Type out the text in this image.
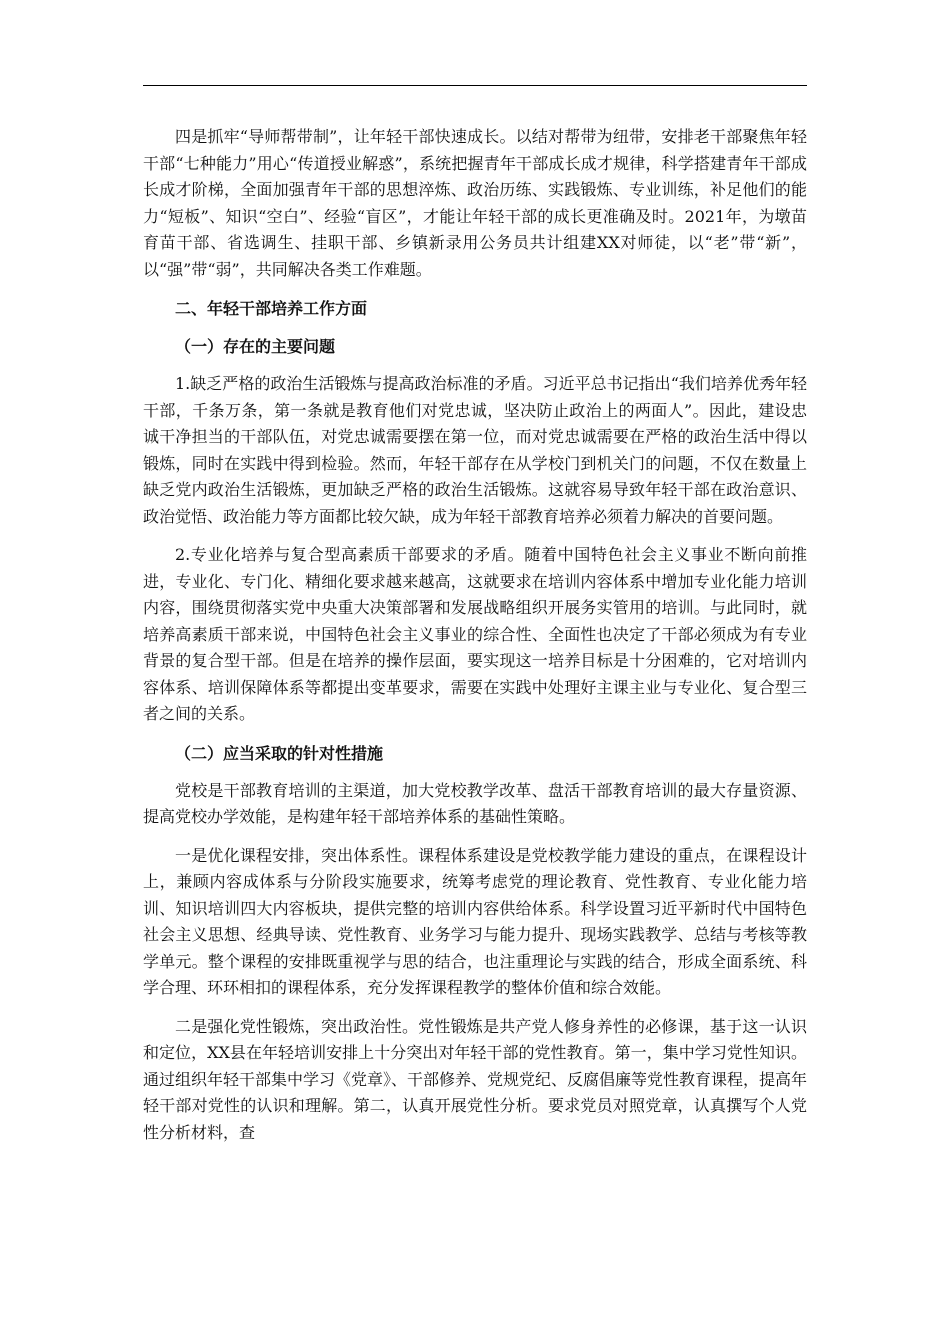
四是抓牢“导师帮带制”，让年轻干部快速成长。以结对帮带为纽带，安排老干部聚焦年轻干部“七种能力”用心“传道授业解惑”，系统把握青年干部成长成才规律，科学搭建青年干部成长成才阶梯，全面加强青年干部的思想淬炼、政治历练、实践锻炼、专业训练，补足他们的能力“短板”、知识“空白”、经验“盲区”，才能让年轻干部的成长更准确及时。2021年，为墩苗育苗干部、省选调生、挂职干部、乡镇新录用公务员共计组建XX对师徒，以“老”带“新”，以“强”带“弱”，共同解决各类工作难题。

二、年轻干部培养工作方面
（一）存在的主要问题

1.缺乏严格的政治生活锻炼与提高政治标准的矛盾。习近平总书记指出“我们培养优秀年轻干部，千条万条，第一条就是教育他们对党忠诚，坚决防止政治上的两面人”。因此，建设忠诚干净担当的干部队伍，对党忠诚需要摆在第一位，而对党忠诚需要在严格的政治生活中得以锻炼，同时在实践中得到检验。然而，年轻干部存在从学校门到机关门的问题，不仅在数量上缺乏党内政治生活锻炼，更加缺乏严格的政治生活锻炼。这就容易导致年轻干部在政治意识、政治觉悟、政治能力等方面都比较欠缺，成为年轻干部教育培养必须着力解决的首要问题。

2.专业化培养与复合型高素质干部要求的矛盾。随着中国特色社会主义事业不断向前推进，专业化、专门化、精细化要求越来越高，这就要求在培训内容体系中增加专业化能力培训内容，围绕贯彻落实党中央重大决策部署和发展战略组织开展务实管用的培训。与此同时，就培养高素质干部来说，中国特色社会主义事业的综合性、全面性也决定了干部必须成为有专业背景的复合型干部。但是在培养的操作层面，要实现这一培养目标是十分困难的，它对培训内容体系、培训保障体系等都提出变革要求，需要在实践中处理好主课主业与专业化、复合型三者之间的关系。

（二）应当采取的针对性措施

党校是干部教育培训的主渠道，加大党校教学改革、盘活干部教育培训的最大存量资源、提高党校办学效能，是构建年轻干部培养体系的基础性策略。

一是优化课程安排，突出体系性。课程体系建设是党校教学能力建设的重点，在课程设计上，兼顾内容成体系与分阶段实施要求，统筹考虑党的理论教育、党性教育、专业化能力培训、知识培训四大内容板块，提供完整的培训内容供给体系。科学设置习近平新时代中国特色社会主义思想、经典导读、党性教育、业务学习与能力提升、现场实践教学、总结与考核等教学单元。整个课程的安排既重视学与思的结合，也注重理论与实践的结合，形成全面系统、科学合理、环环相扣的课程体系，充分发挥课程教学的整体价值和综合效能。

二是强化党性锻炼，突出政治性。党性锻炼是共产党人修身养性的必修课，基于这一认识和定位，XX县在年轻培训安排上十分突出对年轻干部的党性教育。第一，集中学习党性知识。通过组织年轻干部集中学习《党章》、干部修养、党规党纪、反腐倡廉等党性教育课程，提高年轻干部对党性的认识和理解。第二，认真开展党性分析。要求党员对照党章，认真撰写个人党性分析材料，查
